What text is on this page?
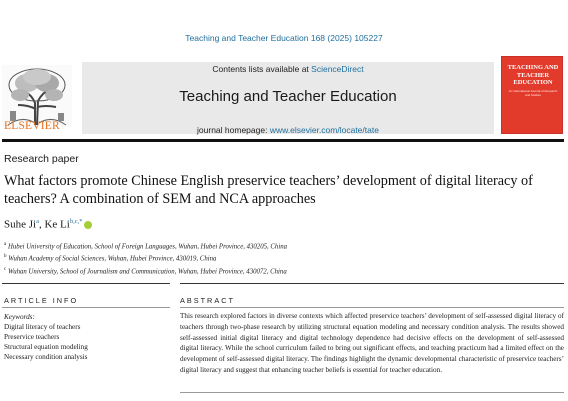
Teaching and Teacher Education 168 (2025) 105227
ELSEVIER
Contents lists available at ScienceDirect
Teaching and Teacher Education
journal homepage: www.elsevier.com/locate/tate
TEACHING AND TEACHER EDUCATION
An International Journal of Research and Studies
Research paper
What factors promote Chinese English preservice teachers’ development of digital literacy of teachers? A combination of SEM and NCA approaches
Suhe Ji$^a$, Ke $Li^{b,c,*}$
$^a$ Hubei University of Education, School of Foreign Languages, Wuhan, Hubei Province, 430205, China
$^b$ Wuhan Academy of Social Sciences, Wuhan, Hubei Province, 430019, China
$^c$ Wuhan University, School of Journalism and Communication, Wuhan, Hubei Province, 430072, China
ARTICLE INFO	ABSTRACT
Keywords:
Digital literacy of teachers
Preservice teachers
Structural equation modeling
Necessary condition analysis
This research explored factors in diverse contexts which affected preservice teachers’ development of self-assessed digital literacy of teachers through two-phase research by utilizing structural equation modeling and necessary condition analysis. The results showed self-assessed initial digital literacy and digital technology dependence had decisive effects on the development of self-assessed digital literacy. While the school curriculum failed to bring out significant effects, and teaching practicum had a limited effect on the development of self-assessed digital literacy. The findings highlight the dynamic developmental characteristic of preservice teachers’ digital literacy and suggest that enhancing teacher beliefs is essential for teacher education.
